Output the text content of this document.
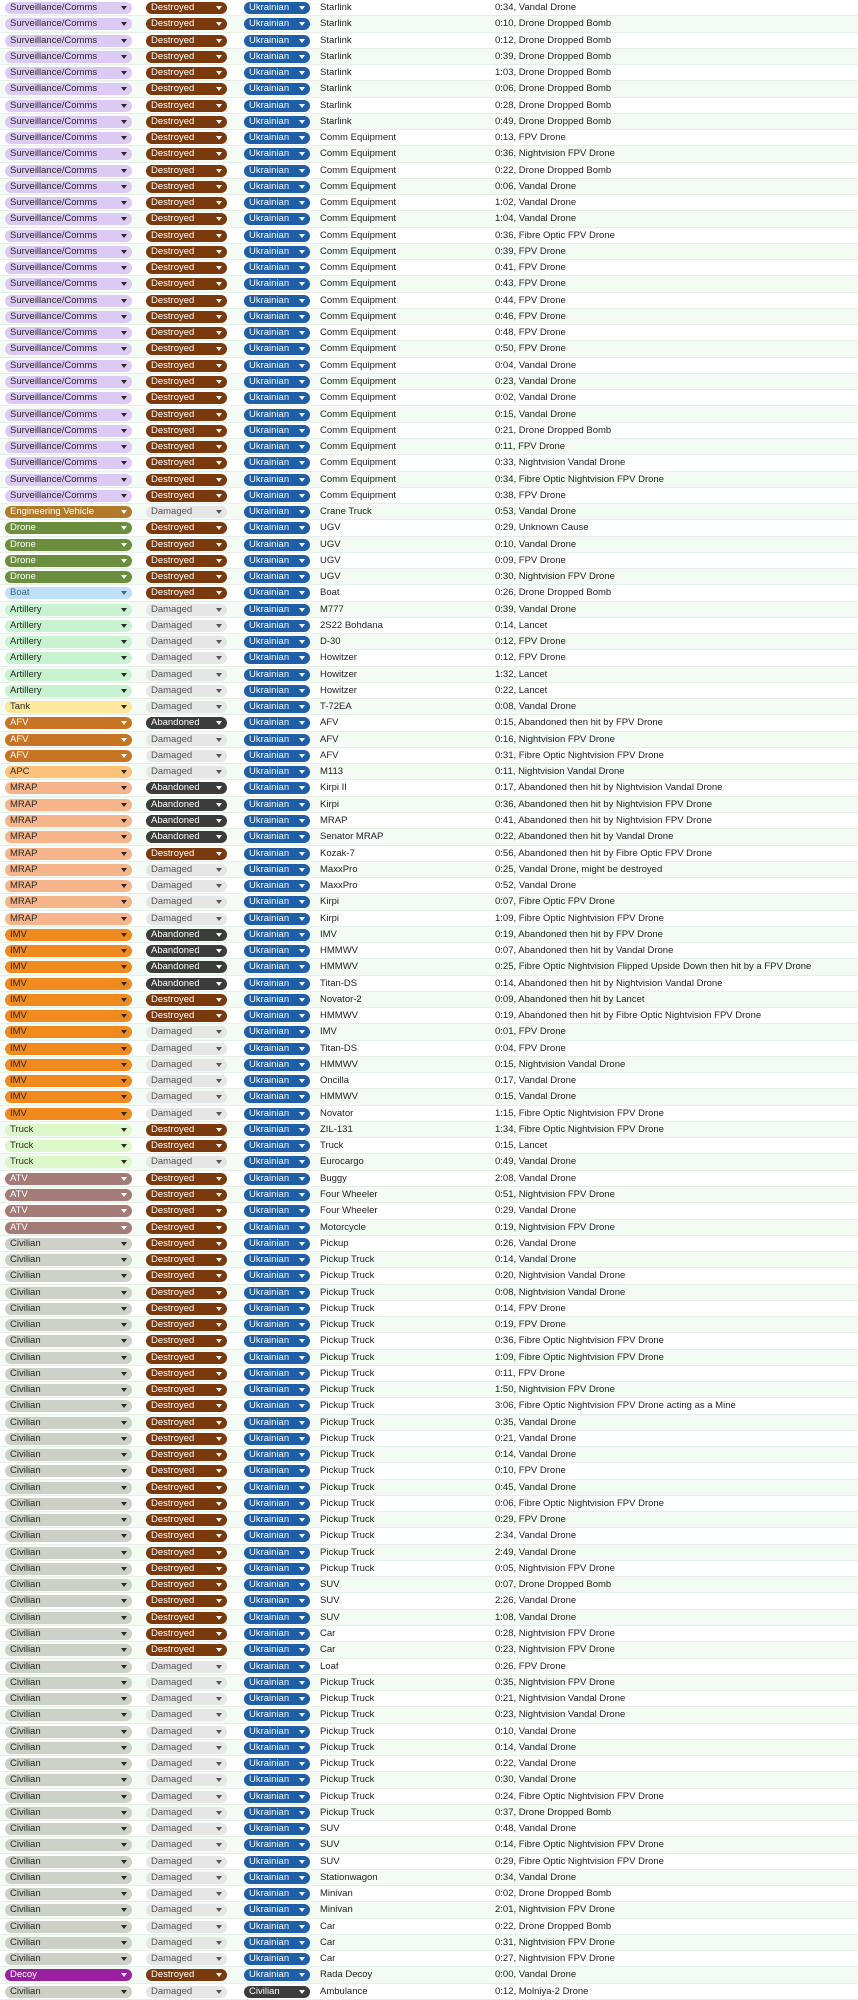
Surveillance/Comms	Destroyed	Ukrainian	Starlink	0:34, Vandal Drone
Surveillance/Comms	Destroyed	Ukrainian	Starlink	0:10, Drone Dropped Bomb
Surveillance/Comms	Destroyed	Ukrainian	Starlink	0:12, Drone Dropped Bomb
Surveillance/Comms	Destroyed	Ukrainian	Starlink	0:39, Drone Dropped Bomb
Surveillance/Comms	Destroyed	Ukrainian	Starlink	1:03, Drone Dropped Bomb
Surveillance/Comms	Destroyed	Ukrainian	Starlink	0:06, Drone Dropped Bomb
Surveillance/Comms	Destroyed	Ukrainian	Starlink	0:28, Drone Dropped Bomb
Surveillance/Comms	Destroyed	Ukrainian	Starlink	0:49, Drone Dropped Bomb
Surveillance/Comms	Destroyed	Ukrainian	Comm Equipment	0:13, FPV Drone
Surveillance/Comms	Destroyed	Ukrainian	Comm Equipment	0:36, Nightvision FPV Drone
Surveillance/Comms	Destroyed	Ukrainian	Comm Equipment	0:22, Drone Dropped Bomb
Surveillance/Comms	Destroyed	Ukrainian	Comm Equipment	0:06, Vandal Drone
Surveillance/Comms	Destroyed	Ukrainian	Comm Equipment	1:02, Vandal Drone
Surveillance/Comms	Destroyed	Ukrainian	Comm Equipment	1:04, Vandal Drone
Surveillance/Comms	Destroyed	Ukrainian	Comm Equipment	0:36, Fibre Optic FPV Drone
Surveillance/Comms	Destroyed	Ukrainian	Comm Equipment	0:39, FPV Drone
Surveillance/Comms	Destroyed	Ukrainian	Comm Equipment	0:41, FPV Drone
Surveillance/Comms	Destroyed	Ukrainian	Comm Equipment	0:43, FPV Drone
Surveillance/Comms	Destroyed	Ukrainian	Comm Equipment	0:44, FPV Drone
Surveillance/Comms	Destroyed	Ukrainian	Comm Equipment	0:46, FPV Drone
Surveillance/Comms	Destroyed	Ukrainian	Comm Equipment	0:48, FPV Drone
Surveillance/Comms	Destroyed	Ukrainian	Comm Equipment	0:50, FPV Drone
Surveillance/Comms	Destroyed	Ukrainian	Comm Equipment	0:04, Vandal Drone
Surveillance/Comms	Destroyed	Ukrainian	Comm Equipment	0:23, Vandal Drone
Surveillance/Comms	Destroyed	Ukrainian	Comm Equipment	0:02, Vandal Drone
Surveillance/Comms	Destroyed	Ukrainian	Comm Equipment	0:15, Vandal Drone
Surveillance/Comms	Destroyed	Ukrainian	Comm Equipment	0:21, Drone Dropped Bomb
Surveillance/Comms	Destroyed	Ukrainian	Comm Equipment	0:11, FPV Drone
Surveillance/Comms	Destroyed	Ukrainian	Comm Equipment	0:33, Nightvision Vandal Drone
Surveillance/Comms	Destroyed	Ukrainian	Comm Equipment	0:34, Fibre Optic Nightvision FPV Drone
Surveillance/Comms	Destroyed	Ukrainian	Comm Equipment	0:38, FPV Drone
Engineering Vehicle	Damaged	Ukrainian	Crane Truck	0:53, Vandal Drone
Drone	Destroyed	Ukrainian	UGV	0:29, Unknown Cause
Drone	Destroyed	Ukrainian	UGV	0:10, Vandal Drone
Drone	Destroyed	Ukrainian	UGV	0:09, FPV Drone
Drone	Destroyed	Ukrainian	UGV	0:30, Nightvision FPV Drone
Boat	Destroyed	Ukrainian	Boat	0:26, Drone Dropped Bomb
Artillery	Damaged	Ukrainian	M777	0:39, Vandal Drone
Artillery	Damaged	Ukrainian	2S22 Bohdana	0:14, Lancet
Artillery	Damaged	Ukrainian	D-30	0:12, FPV Drone
Artillery	Damaged	Ukrainian	Howitzer	0:12, FPV Drone
Artillery	Damaged	Ukrainian	Howitzer	1:32, Lancet
Artillery	Damaged	Ukrainian	Howitzer	0:22, Lancet
Tank	Damaged	Ukrainian	T-72EA	0:08, Vandal Drone
AFV	Abandoned	Ukrainian	AFV	0:15, Abandoned then hit by FPV Drone
AFV	Damaged	Ukrainian	AFV	0:16, Nightvision FPV Drone
AFV	Damaged	Ukrainian	AFV	0:31, Fibre Optic Nightvision FPV Drone
APC	Damaged	Ukrainian	M113	0:11, Nightvision Vandal Drone
MRAP	Abandoned	Ukrainian	Kirpi II	0:17, Abandoned then hit by Nightvision Vandal Drone
MRAP	Abandoned	Ukrainian	Kirpi	0:36, Abandoned then hit by Nightvision FPV Drone
MRAP	Abandoned	Ukrainian	MRAP	0:41, Abandoned then hit by Nightvision FPV Drone
MRAP	Abandoned	Ukrainian	Senator MRAP	0:22, Abandoned then hit by Vandal Drone
MRAP	Destroyed	Ukrainian	Kozak-7	0:56, Abandoned then hit by Fibre Optic FPV Drone
MRAP	Damaged	Ukrainian	MaxxPro	0:25, Vandal Drone, might be destroyed
MRAP	Damaged	Ukrainian	MaxxPro	0:52, Vandal Drone
MRAP	Damaged	Ukrainian	Kirpi	0:07, Fibre Optic FPV Drone
MRAP	Damaged	Ukrainian	Kirpi	1:09, Fibre Optic Nightvision FPV Drone
IMV	Abandoned	Ukrainian	IMV	0:19, Abandoned then hit by FPV Drone
IMV	Abandoned	Ukrainian	HMMWV	0:07, Abandoned then hit by Vandal Drone
IMV	Abandoned	Ukrainian	HMMWV	0:25, Fibre Optic Nightvision Flipped Upside Down then hit by a FPV Drone
IMV	Abandoned	Ukrainian	Titan-DS	0:14, Abandoned then hit by Nightvision Vandal Drone
IMV	Destroyed	Ukrainian	Novator-2	0:09, Abandoned then hit by Lancet
IMV	Destroyed	Ukrainian	HMMWV	0:19, Abandoned then hit by Fibre Optic Nightvision FPV Drone
IMV	Damaged	Ukrainian	IMV	0:01, FPV Drone
IMV	Damaged	Ukrainian	Titan-DS	0:04, FPV Drone
IMV	Damaged	Ukrainian	HMMWV	0:15, Nightvision Vandal Drone
IMV	Damaged	Ukrainian	Oncilla	0:17, Vandal Drone
IMV	Damaged	Ukrainian	HMMWV	0:15, Vandal Drone
IMV	Damaged	Ukrainian	Novator	1:15, Fibre Optic Nightvision FPV Drone
Truck	Destroyed	Ukrainian	ZIL-131	1:34, Fibre Optic Nightvision FPV Drone
Truck	Destroyed	Ukrainian	Truck	0:15, Lancet
Truck	Damaged	Ukrainian	Eurocargo	0:49, Vandal Drone
ATV	Destroyed	Ukrainian	Buggy	2:08, Vandal Drone
ATV	Destroyed	Ukrainian	Four Wheeler	0:51, Nightvision FPV Drone
ATV	Destroyed	Ukrainian	Four Wheeler	0:29, Vandal Drone
ATV	Destroyed	Ukrainian	Motorcycle	0:19, Nightvision FPV Drone
Civilian	Destroyed	Ukrainian	Pickup	0:26, Vandal Drone
Civilian	Destroyed	Ukrainian	Pickup Truck	0:14, Vandal Drone
Civilian	Destroyed	Ukrainian	Pickup Truck	0:20, Nightvision Vandal Drone
Civilian	Destroyed	Ukrainian	Pickup Truck	0:08, Nightvision Vandal Drone
Civilian	Destroyed	Ukrainian	Pickup Truck	0:14, FPV Drone
Civilian	Destroyed	Ukrainian	Pickup Truck	0:19, FPV Drone
Civilian	Destroyed	Ukrainian	Pickup Truck	0:36, Fibre Optic Nightvision FPV Drone
Civilian	Destroyed	Ukrainian	Pickup Truck	1:09, Fibre Optic Nightvision FPV Drone
Civilian	Destroyed	Ukrainian	Pickup Truck	0:11, FPV Drone
Civilian	Destroyed	Ukrainian	Pickup Truck	1:50, Nightvision FPV Drone
Civilian	Destroyed	Ukrainian	Pickup Truck	3:06, Fibre Optic Nightvision FPV Drone acting as a Mine
Civilian	Destroyed	Ukrainian	Pickup Truck	0:35, Vandal Drone
Civilian	Destroyed	Ukrainian	Pickup Truck	0:21, Vandal Drone
Civilian	Destroyed	Ukrainian	Pickup Truck	0:14, Vandal Drone
Civilian	Destroyed	Ukrainian	Pickup Truck	0:10, FPV Drone
Civilian	Destroyed	Ukrainian	Pickup Truck	0:45, Vandal Drone
Civilian	Destroyed	Ukrainian	Pickup Truck	0:06, Fibre Optic Nightvision FPV Drone
Civilian	Destroyed	Ukrainian	Pickup Truck	0:29, FPV Drone
Civilian	Destroyed	Ukrainian	Pickup Truck	2:34, Vandal Drone
Civilian	Destroyed	Ukrainian	Pickup Truck	2:49, Vandal Drone
Civilian	Destroyed	Ukrainian	Pickup Truck	0:05, Nightvision FPV Drone
Civilian	Destroyed	Ukrainian	SUV	0:07, Drone Dropped Bomb
Civilian	Destroyed	Ukrainian	SUV	2:26, Vandal Drone
Civilian	Destroyed	Ukrainian	SUV	1:08, Vandal Drone
Civilian	Destroyed	Ukrainian	Car	0:28, Nightvision FPV Drone
Civilian	Destroyed	Ukrainian	Car	0:23, Nightvision FPV Drone
Civilian	Damaged	Ukrainian	Loaf	0:26, FPV Drone
Civilian	Damaged	Ukrainian	Pickup Truck	0:35, Nightvision FPV Drone
Civilian	Damaged	Ukrainian	Pickup Truck	0:21, Nightvision Vandal Drone
Civilian	Damaged	Ukrainian	Pickup Truck	0:23, Nightvision Vandal Drone
Civilian	Damaged	Ukrainian	Pickup Truck	0:10, Vandal Drone
Civilian	Damaged	Ukrainian	Pickup Truck	0:14, Vandal Drone
Civilian	Damaged	Ukrainian	Pickup Truck	0:22, Vandal Drone
Civilian	Damaged	Ukrainian	Pickup Truck	0:30, Vandal Drone
Civilian	Damaged	Ukrainian	Pickup Truck	0:24, Fibre Optic Nightvision FPV Drone
Civilian	Damaged	Ukrainian	Pickup Truck	0:37, Drone Dropped Bomb
Civilian	Damaged	Ukrainian	SUV	0:48, Vandal Drone
Civilian	Damaged	Ukrainian	SUV	0:14, Fibre Optic Nightvision FPV Drone
Civilian	Damaged	Ukrainian	SUV	0:29, Fibre Optic Nightvision FPV Drone
Civilian	Damaged	Ukrainian	Stationwagon	0:34, Vandal Drone
Civilian	Damaged	Ukrainian	Minivan	0:02, Drone Dropped Bomb
Civilian	Damaged	Ukrainian	Minivan	2:01, Nightvision FPV Drone
Civilian	Damaged	Ukrainian	Car	0:22, Drone Dropped Bomb
Civilian	Damaged	Ukrainian	Car	0:31, Nightvision FPV Drone
Civilian	Damaged	Ukrainian	Car	0:27, Nightvision FPV Drone
Decoy	Destroyed	Ukrainian	Rada Decoy	0:00, Vandal Drone
Civilian	Damaged	Civilian	Ambulance	0:12, Molniya-2 Drone
